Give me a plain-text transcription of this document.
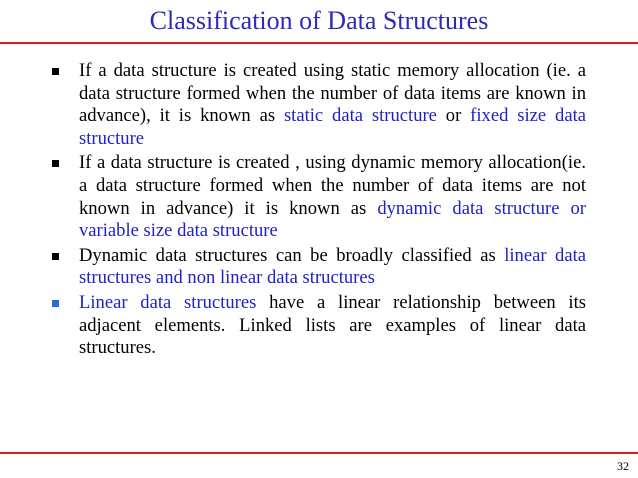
Classification of Data Structures
If a data structure is created using static memory allocation (ie. a data structure formed when the number of data items are known in advance), it is known as static data structure or fixed size data structure
If a data structure is created , using dynamic memory allocation(ie. a data structure formed when the number of data items are not known in advance) it is known as dynamic data structure or variable size data structure
Dynamic data structures can be broadly classified as linear data structures and non linear data structures
Linear data structures have a linear relationship between its adjacent elements. Linked lists are examples of linear data structures.
32
